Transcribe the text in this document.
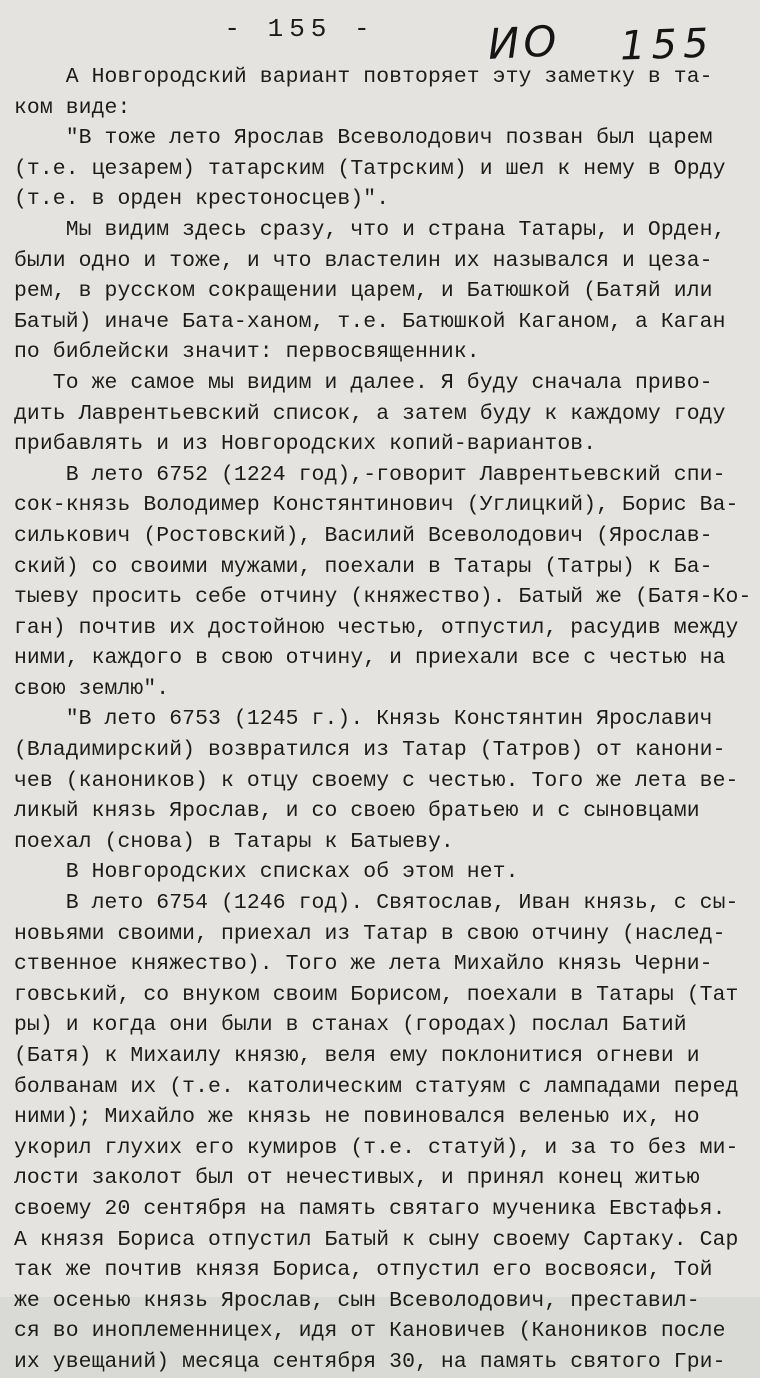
- 155 -	ИО 155
А Новгородский вариант повторяет эту заметку в та-
ком виде:
"В тоже лето Ярослав Всеволодович позван был царем
(т.е. цезарем) татарским (Татрским) и шел к нему в Орду
(т.е. в орден крестоносцев)".
Мы видим здесь сразу, что и страна Татары, и Орден,
были одно и тоже, и что властелин их назывался и цеза-
рем, в русском сокращении царем, и Батюшкой (Батяй или
Батый) иначе Бата-ханом, т.е. Батюшкой Каганом, а Каган
по библейски значит: первосвященник.
То же самое мы видим и далее. Я буду сначала приво-
дить Лаврентьевский список, а затем буду к каждому году
прибавлять и из Новгородских копий-вариантов.
В лето 6752 (1224 год),-говорит Лаврентьевский спи-
сок-князь Володимер Констянтинович (Углицкий), Борис Ва-
силькович (Ростовский), Василий Всеволодович (Ярослав-
ский) со своими мужами, поехали в Татары (Татры) к Ба-
тыеву просить себе отчину (княжество). Батый же (Батя-Ко-
ган) почтив их достойною честью, отпустил, расудив между
ними, каждого в свою отчину, и приехали все с честью на
свою землю".
"В лето 6753 (1245 г.). Князь Констянтин Ярославич
(Владимирский) возвратился из Татар (Татров) от канони-
чев (каноников) к отцу своему с честью. Того же лета ве-
ликый князь Ярослав, и со своею братьею и с сыновцами
поехал (снова) в Татары к Батыеву.
В Новгородских списках об этом нет.
В лето 6754 (1246 год). Святослав, Иван князь, с сы-
новьями своими, приехал из Татар в свою отчину (наслед-
ственное княжество). Того же лета Михайло князь Черни-
говський, со внуком своим Борисом, поехали в Татары (Тат
ры) и когда они были в станах (городах) послал Батий
(Батя) к Михаилу князю, веля ему поклонитися огневи и
болванам их (т.е. католическим статуям с лампадами перед
ними); Михайло же князь не повиновался веленью их, но
укорил глухих его кумиров (т.е. статуй), и за то без ми-
лости заколот был от нечестивых, и принял конец житью
своему 20 сентября на память святаго мученика Евстафья.
А князя Бориса отпустил Батый к сыну своему Сартаку. Сар
так же почтив князя Бориса, отпустил его восвояси, Той
же осенью князь Ярослав, сын Всеволодович, преставил-
ся во иноплеменницех, идя от Кановичев (Каноников после
их увещаний) месяца сентября 30, на память святого Гри-
